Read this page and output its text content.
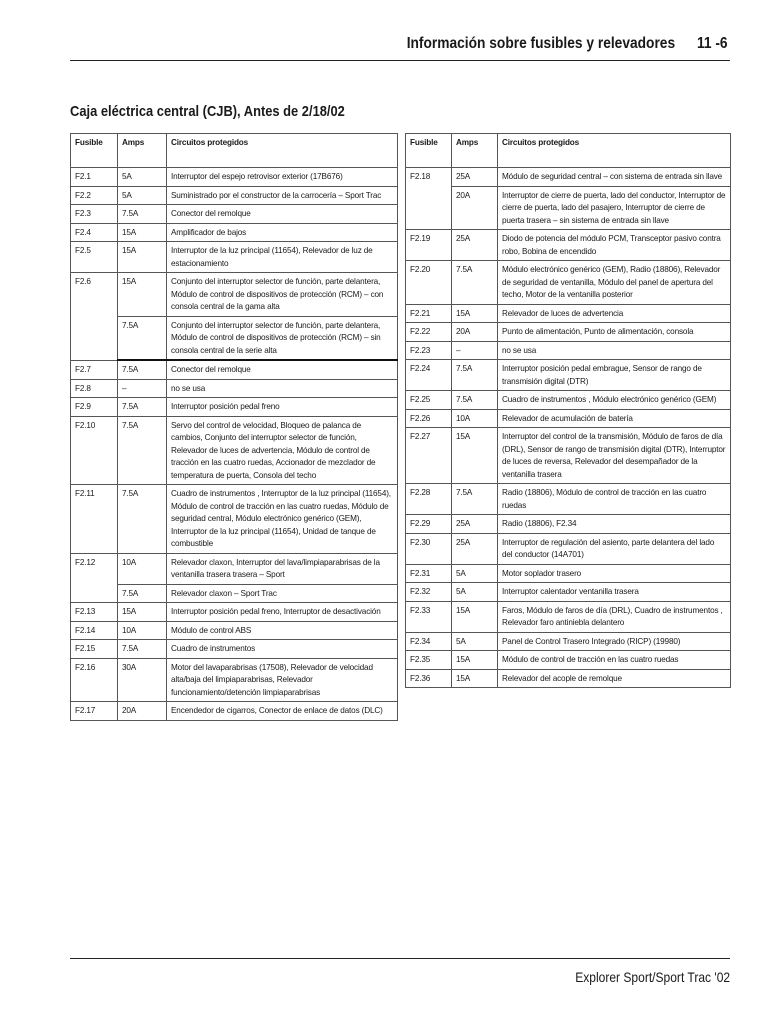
Información sobre fusibles y relevadores 11 -6
Caja eléctrica central (CJB), Antes de 2/18/02
Fusible	Amps	Circuitos protegidos
F2.1	5A	Interruptor del espejo retrovisor exterior (17B676)
F2.2	5A	Suministrado por el constructor de la carrocería – Sport Trac
F2.3	7.5A	Conector del remolque
F2.4	15A	Amplificador de bajos
F2.5	15A	Interruptor de la luz principal (11654), Relevador de luz de estacionamiento
F2.6	15A	Conjunto del interruptor selector de función, parte delantera, Módulo de control de dispositivos de protección (RCM) – con consola central de la gama alta
	7.5A	Conjunto del interruptor selector de función, parte delantera, Módulo de control de dispositivos de protección (RCM) – sin consola central de la serie alta
F2.7	7.5A	Conector del remolque
F2.8	–	no se usa
F2.9	7.5A	Interruptor posición pedal freno
F2.10	7.5A	Servo del control de velocidad, Bloqueo de palanca de cambios, Conjunto del interruptor selector de función, Relevador de luces de advertencia, Módulo de control de tracción en las cuatro ruedas, Accionador de mezclador de temperatura de puerta, Consola del techo
F2.11	7.5A	Cuadro de instrumentos , Interruptor de la luz principal (11654), Módulo de control de tracción en las cuatro ruedas, Módulo de seguridad central, Módulo electrónico genérico (GEM), Interruptor de la luz principal (11654), Unidad de tanque de combustible
F2.12	10A	Relevador claxon, Interruptor del lava/limpiaparabrisas de la ventanilla trasera trasera – Sport
	7.5A	Relevador claxon – Sport Trac
F2.13	15A	Interruptor posición pedal freno, Interruptor de desactivación
F2.14	10A	Módulo de control ABS
F2.15	7.5A	Cuadro de instrumentos
F2.16	30A	Motor del lavaparabrisas (17508), Relevador de velocidad alta/baja del limpiaparabrisas, Relevador funcionamiento/detención limpiaparabrisas
F2.17	20A	Encendedor de cigarros, Conector de enlace de datos (DLC)
Fusible	Amps	Circuitos protegidos
F2.18	25A	Módulo de seguridad central – con sistema de entrada sin llave
	20A	Interruptor de cierre de puerta, lado del conductor, Interruptor de cierre de puerta, lado del pasajero, Interruptor de cierre de puerta trasera – sin sistema de entrada sin llave
F2.19	25A	Diodo de potencia del módulo PCM, Transceptor pasivo contra robo, Bobina de encendido
F2.20	7.5A	Módulo electrónico genérico (GEM), Radio (18806), Relevador de seguridad de ventanilla, Módulo del panel de apertura del techo, Motor de la ventanilla posterior
F2.21	15A	Relevador de luces de advertencia
F2.22	20A	Punto de alimentación, Punto de alimentación, consola
F2.23	–	no se usa
F2.24	7.5A	Interruptor posición pedal embrague, Sensor de rango de transmisión digital (DTR)
F2.25	7.5A	Cuadro de instrumentos , Módulo electrónico genérico (GEM)
F2.26	10A	Relevador de acumulación de batería
F2.27	15A	Interruptor del control de la transmisión, Módulo de faros de día (DRL), Sensor de rango de transmisión digital (DTR), Interruptor de luces de reversa, Relevador del desempañador de la ventanilla trasera
F2.28	7.5A	Radio (18806), Módulo de control de tracción en las cuatro ruedas
F2.29	25A	Radio (18806), F2.34
F2.30	25A	Interruptor de regulación del asiento, parte delantera del lado del conductor (14A701)
F2.31	5A	Motor soplador trasero
F2.32	5A	Interruptor calentador ventanilla trasera
F2.33	15A	Faros, Módulo de faros de día (DRL), Cuadro de instrumentos , Relevador faro antiniebla delantero
F2.34	5A	Panel de Control Trasero Integrado (RICP) (19980)
F2.35	15A	Módulo de control de tracción en las cuatro ruedas
F2.36	15A	Relevador del acople de remolque
Explorer Sport/Sport Trac '02
